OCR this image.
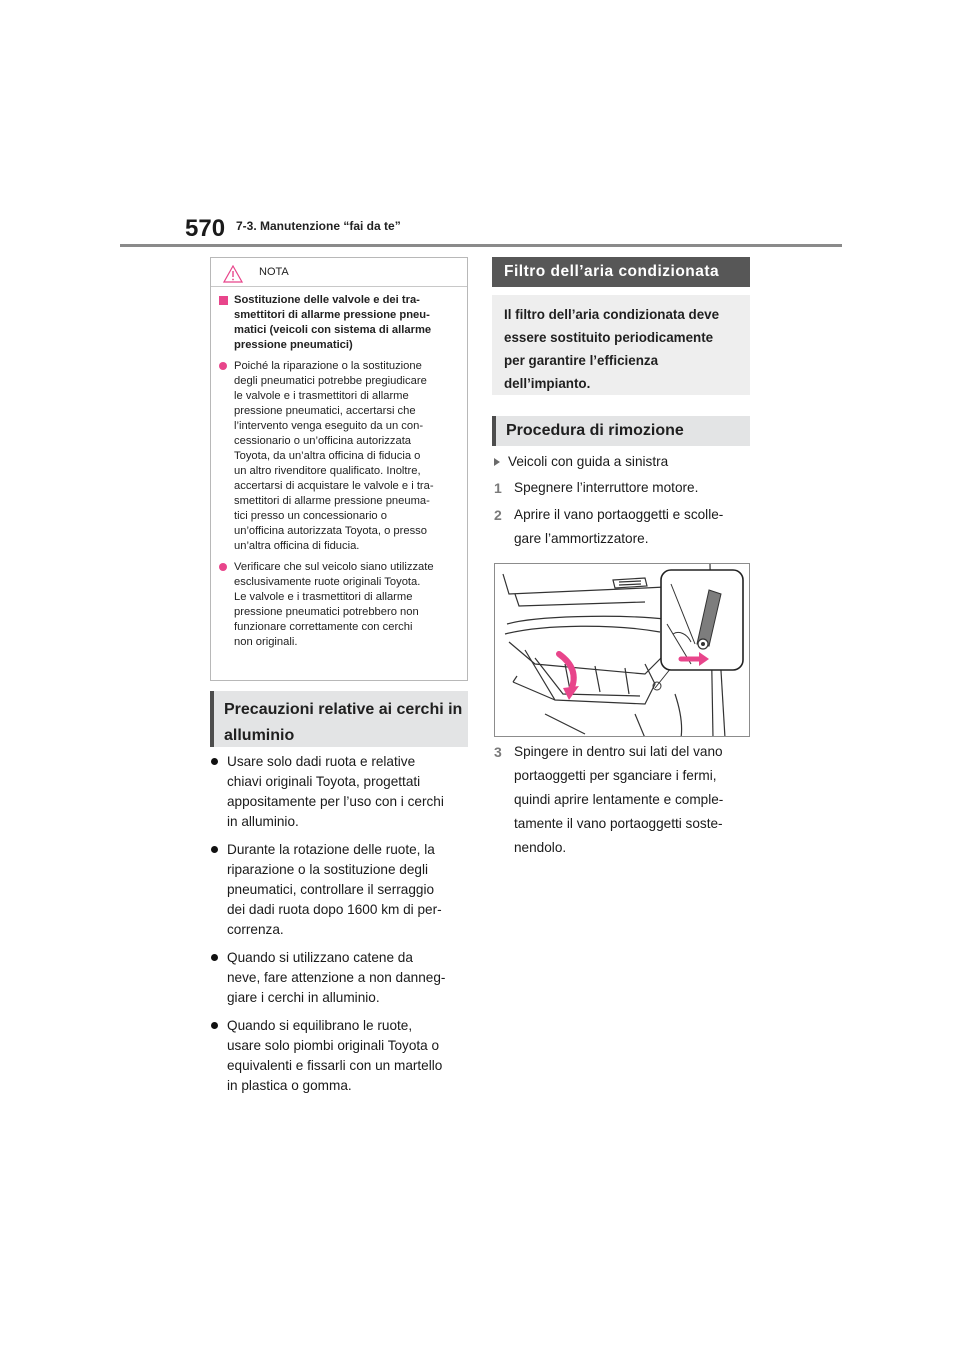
570 7-3. Manutenzione “fai da te”
NOTA
Sostituzione delle valvole e dei tra-
smettitori di allarme pressione pneu-
matici (veicoli con sistema di allarme
pressione pneumatici)
Poiché la riparazione o la sostituzione
degli pneumatici potrebbe pregiudicare
le valvole e i trasmettitori di allarme
pressione pneumatici, accertarsi che
l’intervento venga eseguito da un con-
cessionario o un’officina autorizzata
Toyota, da un’altra officina di fiducia o
un altro rivenditore qualificato. Inoltre,
accertarsi di acquistare le valvole e i tra-
smettitori di allarme pressione pneuma-
tici presso un concessionario o
un’officina autorizzata Toyota, o presso
un’altra officina di fiducia.
Verificare che sul veicolo siano utilizzate
esclusivamente ruote originali Toyota.
Le valvole e i trasmettitori di allarme
pressione pneumatici potrebbero non
funzionare correttamente con cerchi
non originali.
Precauzioni relative ai cerchi in
alluminio
Usare solo dadi ruota e relative
chiavi originali Toyota, progettati
appositamente per l’uso con i cerchi
in alluminio.
Durante la rotazione delle ruote, la
riparazione o la sostituzione degli
pneumatici, controllare il serraggio
dei dadi ruota dopo 1600 km di per-
correnza.
Quando si utilizzano catene da
neve, fare attenzione a non danneg-
giare i cerchi in alluminio.
Quando si equilibrano le ruote,
usare solo piombi originali Toyota o
equivalenti e fissarli con un martello
in plastica o gomma.
Filtro dell’aria condizionata
Il filtro dell’aria condizionata deve
essere sostituito periodicamente
per garantire l’efficienza
dell’impianto.
Procedura di rimozione
Veicoli con guida a sinistra
1 Spegnere l’interruttore motore.
2 Aprire il vano portaoggetti e scolle-
gare l’ammortizzatore.
3 Spingere in dentro sui lati del vano
portaoggetti per sganciare i fermi,
quindi aprire lentamente e comple-
tamente il vano portaoggetti soste-
nendolo.
